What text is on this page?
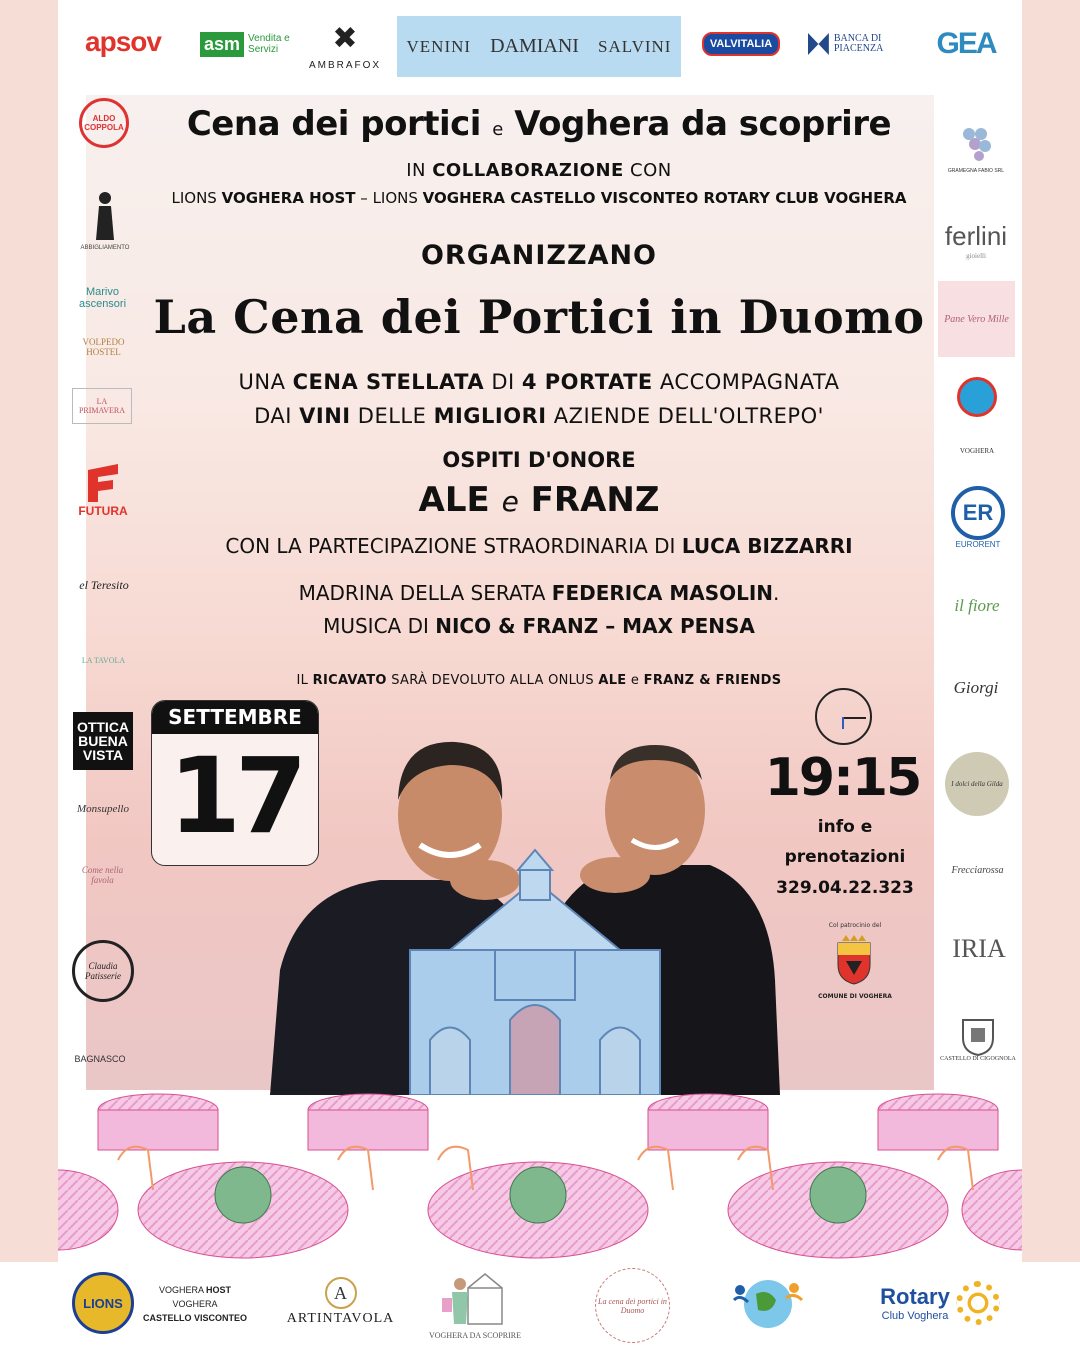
apsov asm Vendita e Servizi	✖
AMBRAFOX
VENINI DAMIANI SALVINI	VALVITALIA	BANCA DI PIACENZA	GEA
ALDO COPPOLA
ABBIGLIAMENTO
Marivo ascensori
VOLPEDO HOSTEL
LA PRIMAVERA
FUTURA
el Teresito
LA TAVOLA
OTTICA BUENA VISTA
Monsupello
Come nella favola
Claudia Patisserie
BAGNASCO
GRAMEGNA FABIO SRL
ferlini
gioielli
Pane Vero Mille
VOGHERA
ER
EURORENT
il fiore
Giorgi
I dolci della Gilda
Frecciarossa
IRIA
CASTELLO DI CIGOGNOLA
Cena dei portici e Voghera da scoprire
IN COLLABORAZIONE CON
LIONS VOGHERA HOST – LIONS VOGHERA CASTELLO VISCONTEO ROTARY CLUB VOGHERA
ORGANIZZANO
La Cena dei Portici in Duomo
UNA CENA STELLATA DI 4 PORTATE ACCOMPAGNATA
DAI VINI DELLE MIGLIORI AZIENDE DELL'OLTREPO'
OSPITI D'ONORE
ALE e FRANZ
CON LA PARTECIPAZIONE STRAORDINARIA DI LUCA BIZZARRI
MADRINA DELLA SERATA FEDERICA MASOLIN.
MUSICA DI NICO & FRANZ – MAX PENSA
IL RICAVATO SARÀ DEVOLUTO ALLA ONLUS ALE e FRANZ & FRIENDS
SETTEMBRE
17	19:15
info e
prenotazioni
329.04.22.323
Col patrocinio del
COMUNE DI VOGHERA
LIONS
VOGHERA HOST
VOGHERA
CASTELLO VISCONTEO
A
ARTINTAVOLA
VOGHERA DA SCOPRIRE
La cena dei portici in Duomo
Rotary
Club Voghera
